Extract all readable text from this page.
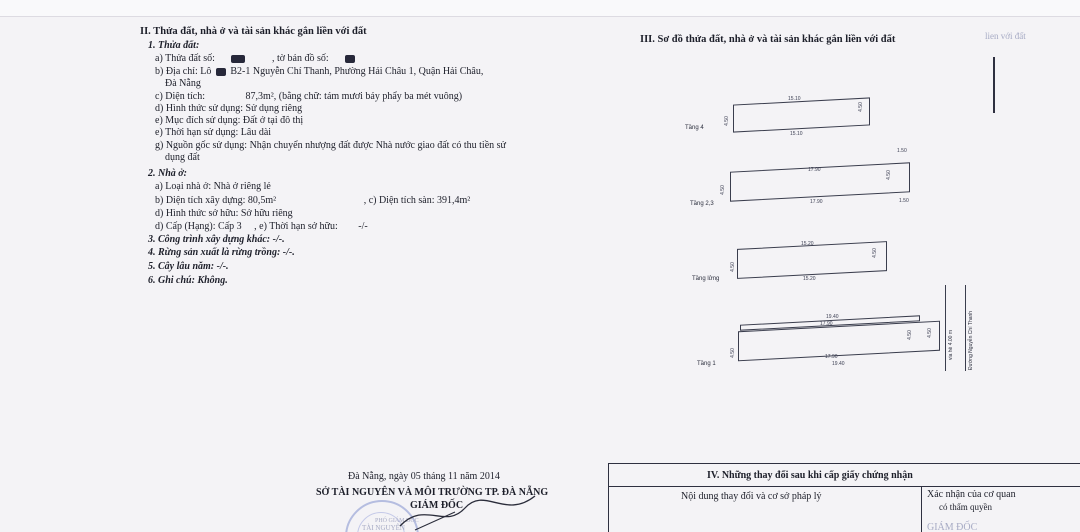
II. Thửa đất, nhà ở và tài sản khác gắn liền với đất
1. Thửa đất:
a) Thửa đất số:	, tờ bản đồ số:
b) Địa chỉ: Lô B2-1 Nguyễn Chí Thanh, Phường Hải Châu 1, Quận Hải Châu,
Đà Nẵng
c) Diện tích:	87,3m², (bằng chữ: tám mươi bảy phẩy ba mét vuông)
d) Hình thức sử dụng: Sử dụng riêng
e) Mục đích sử dụng: Đất ở tại đô thị
e) Thời hạn sử dụng: Lâu dài
g) Nguồn gốc sử dụng: Nhận chuyển nhượng đất được Nhà nước giao đất có thu tiền sử
dụng đất
2. Nhà ở:
a) Loại nhà ở: Nhà ở riêng lẻ
b) Diện tích xây dựng: 80,5m²	, c) Diện tích sàn: 391,4m²
d) Hình thức sở hữu: Sở hữu riêng
d) Cấp (Hạng): Cấp 3 , e) Thời hạn sở hữu: -/-
3. Công trình xây dựng khác: -/-.
4. Rừng sản xuất là rừng trồng: -/-.
5. Cây lâu năm: -/-.
6. Ghi chú: Không.
III. Sơ đồ thửa đất, nhà ở và tài sản khác gắn liền với đất	lien với đất
15.10
15.10
4.50
4.50
Tầng 4
17.90
17.90
4.50
4.50
1.50
1.50
Tầng 2,3
15.20
15.20
4.50
4.50
Tầng lửng
19.40
17.90
17.90
19.40
4.50
4.50	4.50
Tầng 1
via hè 4.00 m	Đường Nguyễn Chí Thanh
Đà Nẵng, ngày 05 tháng 11 năm 2014
SỞ TÀI NGUYÊN VÀ MÔI TRƯỜNG TP. ĐÀ NẴNG
GIÁM ĐỐC
PHÓ GIÁM ĐỐC
TÀI NGUYÊN
IV. Những thay đổi sau khi cấp giấy chứng nhận
Nội dung thay đổi và cơ sở pháp lý	Xác nhận của cơ quan
có thẩm quyền
GIÁM ĐỐC
